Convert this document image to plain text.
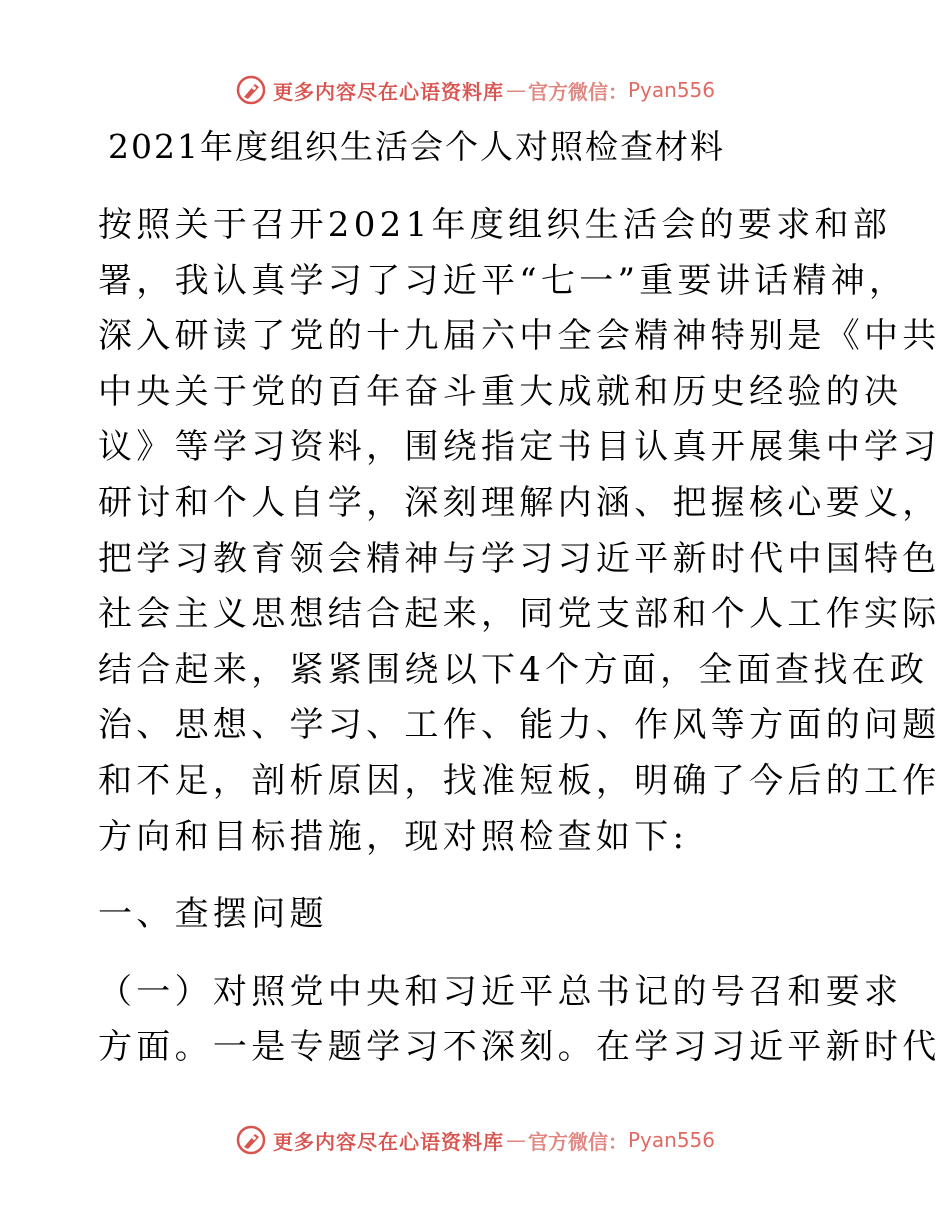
更多内容尽在心语资料库 — 官方微信： Pyan556
2021年度组织生活会个人对照检查材料
按照关于召开2021年度组织生活会的要求和部
署，我认真学习了习近平“七一”重要讲话精神，
深入研读了党的十九届六中全会精神特别是《中共
中央关于党的百年奋斗重大成就和历史经验的决
议》等学习资料，围绕指定书目认真开展集中学习
研讨和个人自学，深刻理解内涵、把握核心要义，
把学习教育领会精神与学习习近平新时代中国特色
社会主义思想结合起来，同党支部和个人工作实际
结合起来，紧紧围绕以下4个方面，全面查找在政
治、思想、学习、工作、能力、作风等方面的问题
和不足，剖析原因，找准短板，明确了今后的工作
方向和目标措施，现对照检查如下:
一、查摆问题
（一）对照党中央和习近平总书记的号召和要求
方面。一是专题学习不深刻。在学习习近平新时代
更多内容尽在心语资料库 — 官方微信： Pyan556
